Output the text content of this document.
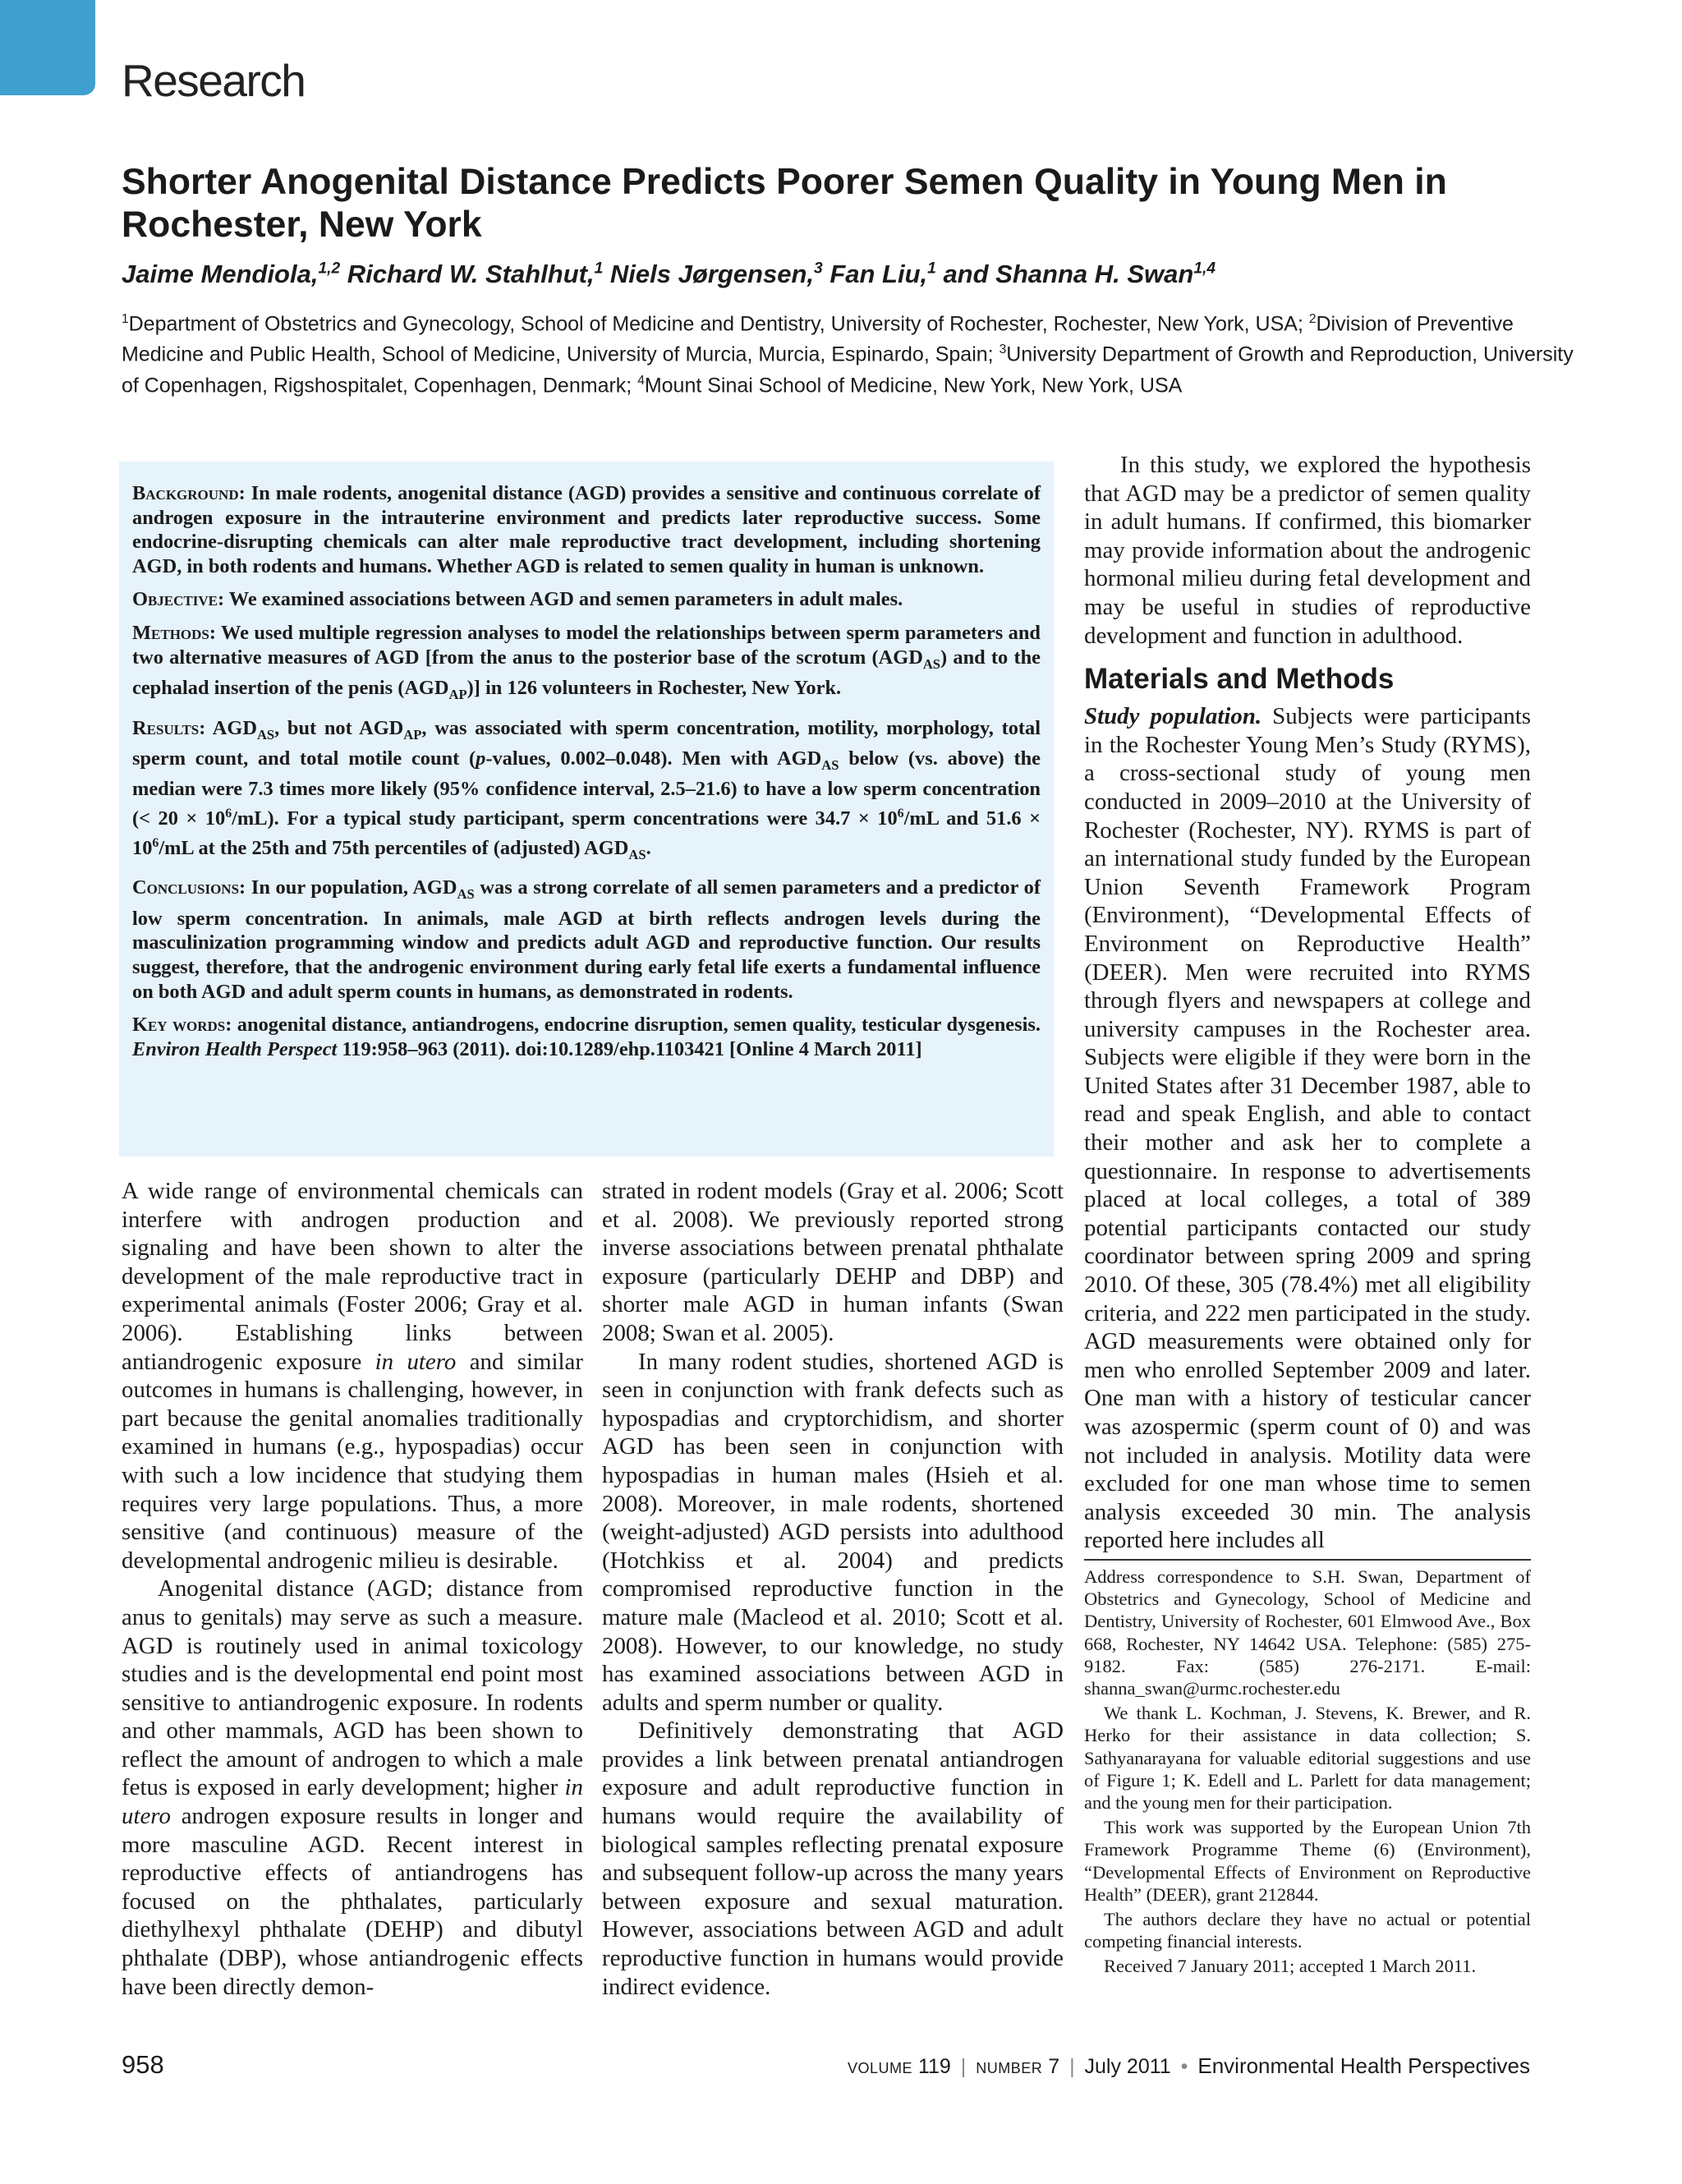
Research
Shorter Anogenital Distance Predicts Poorer Semen Quality in Young Men in Rochester, New York
Jaime Mendiola,$^{1,2}$ Richard W. Stahlhut,$^1$ Niels Jørgensen,$^3$ Fan Liu,$^1$ and Shanna H. Swan$^{1,4}$
$^1$Department of Obstetrics and Gynecology, School of Medicine and Dentistry, University of Rochester, Rochester, New York, USA; $^2$Division of Preventive Medicine and Public Health, School of Medicine, University of Murcia, Murcia, Espinardo, Spain; $^3$University Department of Growth and Reproduction, University of Copenhagen, Rigshospitalet, Copenhagen, Denmark; $^4$Mount Sinai School of Medicine, New York, New York, USA

Background: In male rodents, anogenital distance (AGD) provides a sensitive and continuous correlate of androgen exposure in the intrauterine environment and predicts later reproductive success. Some endocrine-disrupting chemicals can alter male reproductive tract development, including shortening AGD, in both rodents and humans. Whether AGD is related to semen quality in human is unknown.

Objective: We examined associations between AGD and semen parameters in adult males.

Methods: We used multiple regression analyses to model the relationships between sperm parameters and two alternative measures of AGD [from the anus to the posterior base of the scrotum $(AGD_{AS})$ and to the cephalad insertion of the penis $(AGD_{AP})$] in 126 volunteers in Rochester, New York.

Results: $AGD_{AS}$, but not $AGD_{AP}$, was associated with sperm concentration, motility, morphology, total sperm count, and total motile count (p-values, 0.002–0.048). Men with $AGD_{AS}$ below (vs. above) the median were 7.3 times more likely (95% confidence interval, 2.5–21.6) to have a low sperm concentration (< $20 \times 10^6/mL$). For a typical study participant, sperm concentrations were $34.7 \times 10^6/mL$ and $51.6 \times 10^6/mL$ at the 25th and 75th percentiles of (adjusted) $AGD_{AS}$.

Conclusions: In our population, $AGD_{AS}$ was a strong correlate of all semen parameters and a predictor of low sperm concentration. In animals, male AGD at birth reflects androgen levels during the masculinization programming window and predicts adult AGD and reproductive function. Our results suggest, therefore, that the androgenic environment during early fetal life exerts a fundamental influence on both AGD and adult sperm counts in humans, as demonstrated in rodents.

Key words: anogenital distance, antiandrogens, endocrine disruption, semen quality, testicular dysgenesis. Environ Health Perspect 119:958–963 (2011). doi:10.1289/ehp.1103421 [Online 4 March 2011]

A wide range of environmental chemicals can interfere with androgen production and signaling and have been shown to alter the development of the male reproductive tract in experimental animals (Foster 2006; Gray et al. 2006). Establishing links between antiandrogenic exposure in utero and similar outcomes in humans is challenging, however, in part because the genital anomalies traditionally examined in humans (e.g., hypospadias) occur with such a low incidence that studying them requires very large populations. Thus, a more sensitive (and continuous) measure of the developmental androgenic milieu is desirable.

Anogenital distance (AGD; distance from anus to genitals) may serve as such a measure. AGD is routinely used in animal toxicology studies and is the developmental end point most sensitive to antiandrogenic exposure. In rodents and other mammals, AGD has been shown to reflect the amount of androgen to which a male fetus is exposed in early development; higher in utero androgen exposure results in longer and more masculine AGD. Recent interest in reproductive effects of antiandrogens has focused on the phthalates, particularly diethylhexyl phthalate (DEHP) and dibutyl phthalate (DBP), whose antiandrogenic effects have been directly demon-

strated in rodent models (Gray et al. 2006; Scott et al. 2008). We previously reported strong inverse associations between prenatal phthalate exposure (particularly DEHP and DBP) and shorter male AGD in human infants (Swan 2008; Swan et al. 2005).

In many rodent studies, shortened AGD is seen in conjunction with frank defects such as hypospadias and cryptorchidism, and shorter AGD has been seen in conjunction with hypospadias in human males (Hsieh et al. 2008). Moreover, in male rodents, shortened (weight-adjusted) AGD persists into adulthood (Hotchkiss et al. 2004) and predicts compromised reproductive function in the mature male (Macleod et al. 2010; Scott et al. 2008). However, to our knowledge, no study has examined associations between AGD in adults and sperm number or quality.

Definitively demonstrating that AGD provides a link between prenatal antiandrogen exposure and adult reproductive function in humans would require the availability of biological samples reflecting prenatal exposure and subsequent follow-up across the many years between exposure and sexual maturation. However, associations between AGD and adult reproductive function in humans would provide indirect evidence.

In this study, we explored the hypothesis that AGD may be a predictor of semen quality in adult humans. If confirmed, this biomarker may provide information about the androgenic hormonal milieu during fetal development and may be useful in studies of reproductive development and function in adulthood.

Materials and Methods

Study population. Subjects were participants in the Rochester Young Men’s Study (RYMS), a cross-sectional study of young men conducted in 2009–2010 at the University of Rochester (Rochester, NY). RYMS is part of an international study funded by the European Union Seventh Framework Program (Environment), “Developmental Effects of Environment on Reproductive Health” (DEER). Men were recruited into RYMS through flyers and newspapers at college and university campuses in the Rochester area. Subjects were eligible if they were born in the United States after 31 December 1987, able to read and speak English, and able to contact their mother and ask her to complete a questionnaire. In response to advertisements placed at local colleges, a total of 389 potential participants contacted our study coordinator between spring 2009 and spring 2010. Of these, 305 (78.4%) met all eligibility criteria, and 222 men participated in the study. AGD measurements were obtained only for men who enrolled September 2009 and later. One man with a history of testicular cancer was azospermic (sperm count of 0) and was not included in analysis. Motility data were excluded for one man whose time to semen analysis exceeded 30 min. The analysis reported here includes all

Address correspondence to S.H. Swan, Department of Obstetrics and Gynecology, School of Medicine and Dentistry, University of Rochester, 601 Elmwood Ave., Box 668, Rochester, NY 14642 USA. Telephone: (585) 275-9182. Fax: (585) 276-2171. E-mail: shanna_swan@urmc.rochester.edu

We thank L. Kochman, J. Stevens, K. Brewer, and R. Herko for their assistance in data collection; S. Sathyanarayana for valuable editorial suggestions and use of Figure 1; K. Edell and L. Parlett for data management; and the young men for their participation.

This work was supported by the European Union 7th Framework Programme Theme (6) (Environment), “Developmental Effects of Environment on Reproductive Health” (DEER), grant 212844.

The authors declare they have no actual or potential competing financial interests.

Received 7 January 2011; accepted 1 March 2011.

958	VOLUME 119 | NUMBER 7 | July 2011 • Environmental Health Perspectives
